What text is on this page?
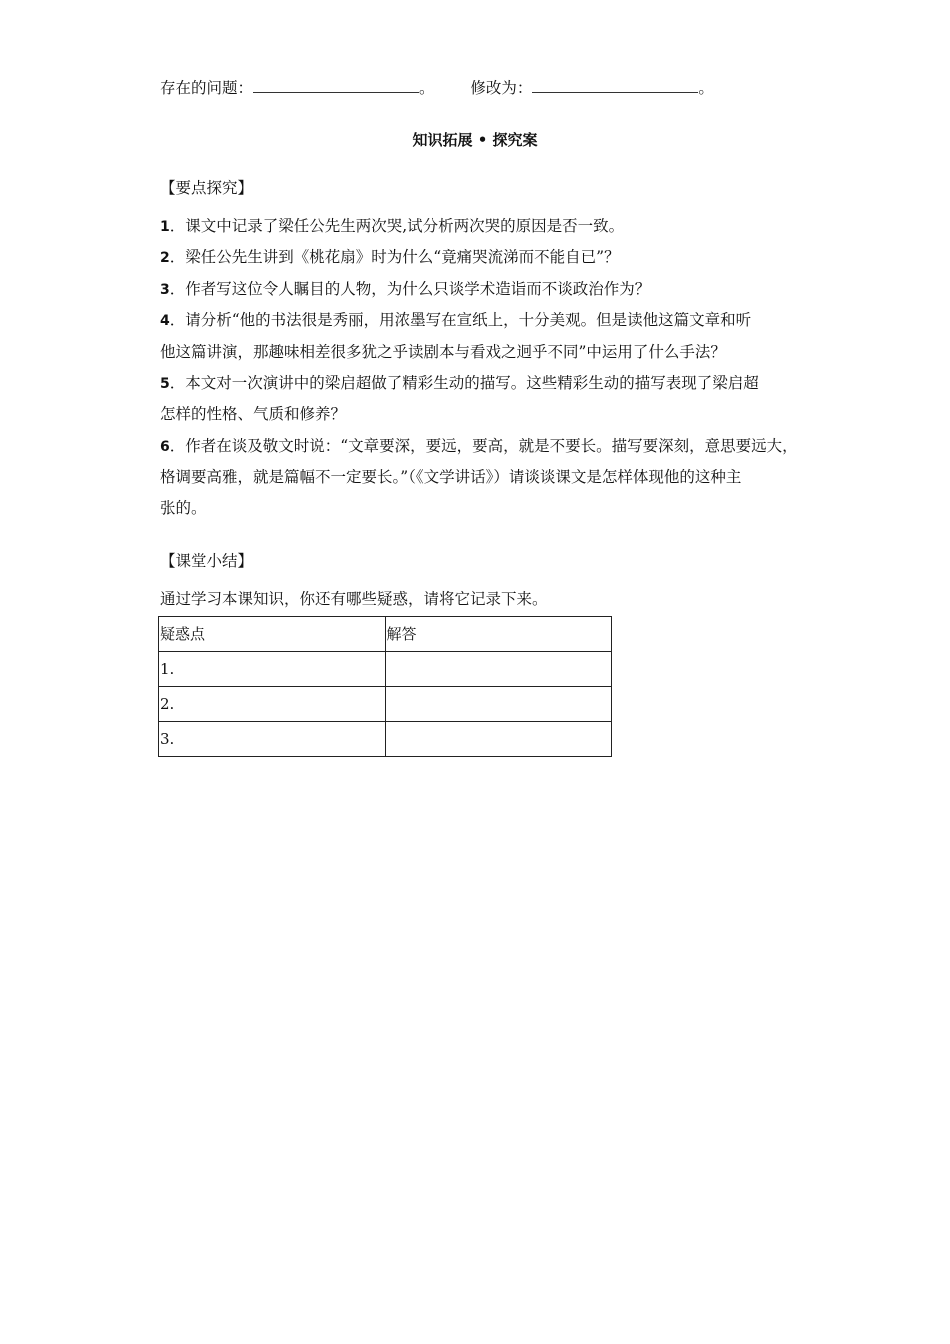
存在的问题：	。 修改为：	。
知识拓展 • 探究案
【要点探究】
1．课文中记录了梁任公先生两次哭,试分析两次哭的原因是否一致。
2．梁任公先生讲到《桃花扇》时为什么“竟痛哭流涕而不能自已”？
3．作者写这位令人瞩目的人物，为什么只谈学术造诣而不谈政治作为？
4．请分析“他的书法很是秀丽，用浓墨写在宣纸上，十分美观。但是读他这篇文章和听
他这篇讲演，那趣味相差很多犹之乎读剧本与看戏之迥乎不同”中运用了什么手法？
5．本文对一次演讲中的梁启超做了精彩生动的描写。这些精彩生动的描写表现了梁启超
怎样的性格、气质和修养？
6．作者在谈及敬文时说：“文章要深，要远，要高，就是不要长。描写要深刻，意思要远大，
格调要高雅，就是篇幅不一定要长。”（《文学讲话》）请谈谈课文是怎样体现他的这种主
张的。
【课堂小结】
通过学习本课知识，你还有哪些疑惑，请将它记录下来。
疑惑点	解答
1.	
2.	
3.	
